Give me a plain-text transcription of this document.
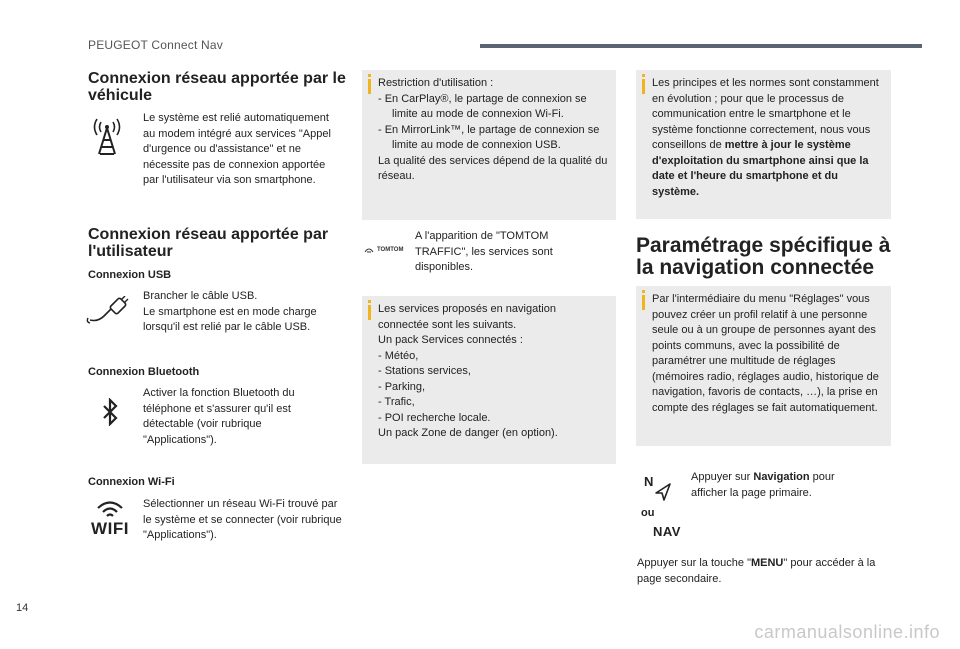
PEUGEOT Connect Nav
Connexion réseau apportée par le véhicule
Le système est relié automatiquement au modem intégré aux services "Appel d'urgence ou d'assistance" et ne nécessite pas de connexion apportée par l'utilisateur via son smartphone.
Connexion réseau apportée par l'utilisateur
Connexion USB
Brancher le câble USB.
Le smartphone est en mode charge lorsqu'il est relié par le câble USB.
Connexion Bluetooth
Activer la fonction Bluetooth du téléphone et s'assurer qu'il est détectable (voir rubrique "Applications").
Connexion Wi-Fi
WIFI
Sélectionner un réseau Wi-Fi trouvé par le système et se connecter (voir rubrique "Applications").
Restriction d'utilisation :
- En CarPlay®, le partage de connexion se limite au mode de connexion Wi-Fi.
- En MirrorLink™, le partage de connexion se limite au mode de connexion USB.
La qualité des services dépend de la qualité du réseau.
TOMTOM
A l'apparition de "TOMTOM TRAFFIC", les services sont disponibles.
Les services proposés en navigation connectée sont les suivants.
Un pack Services connectés :
- Météo,
- Stations services,
- Parking,
- Trafic,
- POI recherche locale.
Un pack Zone de danger (en option).
Les principes et les normes sont constamment en évolution ; pour que le processus de communication entre le smartphone et le système fonctionne correctement, nous vous conseillons de mettre à jour le système d'exploitation du smartphone ainsi que la date et l'heure du smartphone et du système.
Paramétrage spécifique à la navigation connectée
Par l'intermédiaire du menu "Réglages" vous pouvez créer un profil relatif à une personne seule ou à un groupe de personnes ayant des points communs, avec la possibilité de paramétrer une multitude de réglages (mémoires radio, réglages audio, historique de navigation, favoris de contacts, …), la prise en compte des réglages se fait automatiquement.
N
ou
NAV
Appuyer sur Navigation pour afficher la page primaire.
Appuyer sur la touche "MENU" pour accéder à la page secondaire.
14
carmanualsonline.info
